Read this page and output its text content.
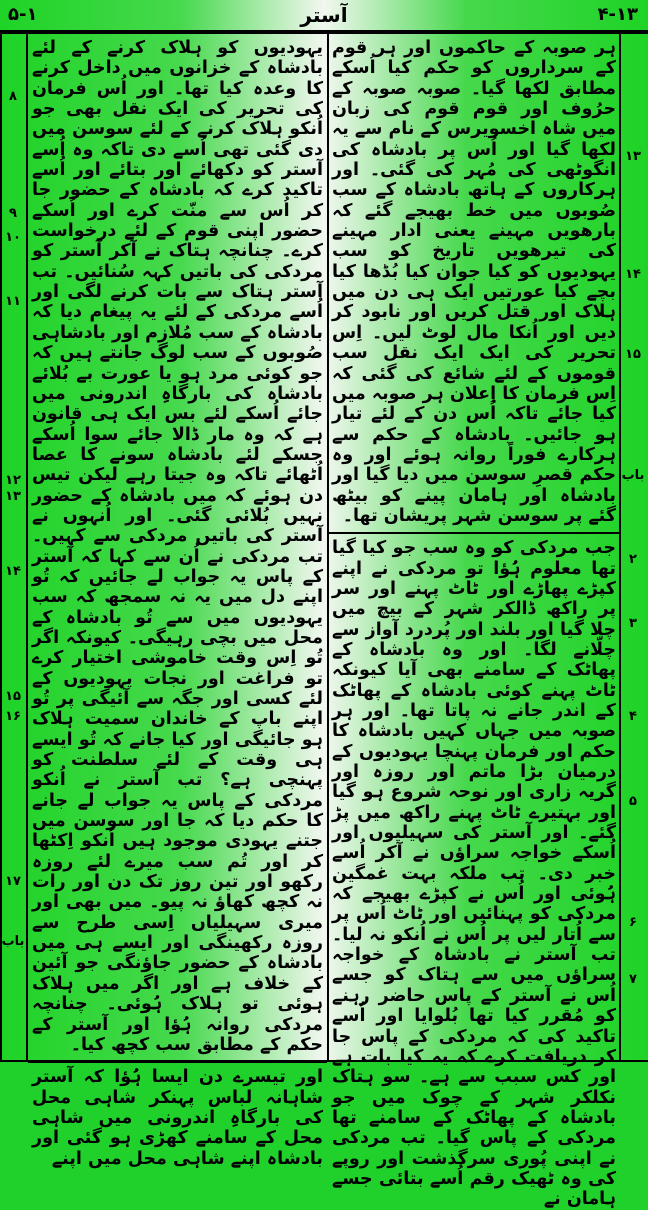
۵-۱	آستر	۴-۱۳
۸
۹
۱۰
۱۱
۱۲
۱۳
۱۴
۱۵
۱۶
۱۷
باب
۱۳
۱۴
۱۵
باب
۲
۳
۴
۵
۶
۷

ہر صوبہ کے حاکموں اور ہر قوم کے سرداروں کو حکم کیا اُسکے مطابق لکھا گیا۔ صوبہ صوبہ کے حرُوف اور قوم قوم کی زبان میں شاہ اخسویرس کے نام سے یہ لکھا گیا اور اُس پر بادشاہ کی انگوٹھی کی مُہر کی گئی۔ اور ہرکاروں کے ہاتھ بادشاہ کے سب صُوبوں میں خط بھیجے گئے کہ بارھویں مہینے یعنی ادار مہینے کی تیرھویں تاریخ کو سب یہودیوں کو کیا جوان کیا بُڈھا کیا بچے کیا عورتیں ایک ہی دن میں ہلاک اور قتل کریں اور نابود کر دیں اور اُنکا مال لوٹ لیں۔ اِس تحریر کی ایک ایک نقل سب قوموں کے لئے شائع کی گئی کہ اِس فرمان کا اِعلان ہر صوبہ میں کیا جائے تاکہ اُس دن کے لئے تیار ہو جائیں۔ بادشاہ کے حکم سے ہرکارے فوراً روانہ ہوئے اور وہ حکم قصرِ سوسن میں دیا گیا اور بادشاہ اور ہامان پینے کو بیٹھ گئے پر سوسن شہر پریشان تھا۔

جب مردکی کو وہ سب جو کیا گیا تھا معلوم ہُؤا تو مردکی نے اپنے کپڑے پھاڑے اور ٹاٹ پہنے اور سر پر راکھ ڈالکر شہر کے بیچ میں چلا گیا اور بلند اور پُردرد آواز سے چلّانے لگا۔ اور وہ بادشاہ کے پھاٹک کے سامنے بھی آیا کیونکہ ٹاٹ پہنے کوئی بادشاہ کے پھاٹک کے اندر جانے نہ پاتا تھا۔ اور ہر صوبہ میں جہاں کہیں بادشاہ کا حکم اور فرمان پہنچا یہودیوں کے درمیان بڑا ماتم اور روزہ اور گریہ زاری اور نوحہ شروع ہو گیا اور بہتیرے ٹاٹ پہنے راکھ میں پڑ گئے۔ اور آستر کی سہیلیوں اور اُسکے خواجہ سراؤں نے آکر اُسے خبر دی۔ تب ملکہ بہت غمگین ہُوئی اور اُس نے کپڑے بھیجے کہ مردکی کو پہنائیں اور ٹاٹ اُس پر سے اُتار لیں پر اُس نے اُنکو نہ لیا۔ تب آستر نے بادشاہ کے خواجہ سراؤں میں سے ہتاک کو جسے اُس نے آستر کے پاس حاضر رہنے کو مُقرر کیا تھا بُلوایا اور اُسے تاکید کی کہ مردکی کے پاس جا کر دریافت کرے کہ یہ کیا بات ہے اور کس سبب سے ہے۔ سو ہتاک نکلکر شہر کے چوک میں جو بادشاہ کے پھاٹک کے سامنے تھا مردکی کے پاس گیا۔ تب مردکی نے اپنی پُوری سرگذشت اور روپے کی وہ ٹھیک رقم اُسے بتائی جسے ہامان نے

یہودیوں کو ہلاک کرنے کے لئے بادشاہ کے خزانوں میں داخل کرنے کا وعدہ کیا تھا۔ اور اُس فرمان کی تحریر کی ایک نقل بھی جو اُنکو ہلاک کرنے کے لئے سوسن میں دی گئی تھی اُسے دی تاکہ وہ اُسے آستر کو دکھائے اور بتائے اور اُسے تاکید کرے کہ بادشاہ کے حضور جا کر اُس سے منّت کرے اور اُسکے حضور اپنی قوم کے لئے درخواست کرے۔ چنانچہ ہتاک نے آکر آستر کو مردکی کی باتیں کہہ سُنائیں۔ تب آستر ہتاک سے بات کرنے لگی اور اُسے مردکی کے لئے یہ پیغام دیا کہ بادشاہ کے سب مُلازم اور بادشاہی صُوبوں کے سب لوگ جانتے ہیں کہ جو کوئی مرد ہو یا عورت بے بُلائے بادشاہ کی بارگاہِ اندرونی میں جائے اُسکے لئے بس ایک ہی قانون ہے کہ وہ مار ڈالا جائے سوا اُسکے جسکے لئے بادشاہ سونے کا عصا اُٹھائے تاکہ وہ جیتا رہے لیکن تیس دن ہوئے کہ میں بادشاہ کے حضور نہیں بُلائی گئی۔ اور اُنہوں نے آستر کی باتیں مردکی سے کہیں۔ تب مردکی نے اُن سے کہا کہ آستر کے پاس یہ جواب لے جائیں کہ تُو اپنے دل میں یہ نہ سمجھ کہ سب یہودیوں میں سے تُو بادشاہ کے محل میں بچی رہیگی۔ کیونکہ اگر تُو اِس وقت خاموشی اختیار کرے تو فراغت اور نجات یہودیوں کے لئے کسی اور جگہ سے آئیگی پر تُو اپنے باپ کے خاندان سمیت ہلاک ہو جائیگی اور کیا جانے کہ تُو ایسے ہی وقت کے لئے سلطنت کو پہنچی ہے؟ تب آستر نے اُنکو مردکی کے پاس یہ جواب لے جانے کا حکم دیا کہ جا اور سوسن میں جتنے یہودی موجود ہیں اُنکو اِکٹھا کر اور تُم سب میرے لئے روزہ رکھو اور تین روز تک دن اور رات نہ کچھ کھاؤ نہ پیو۔ میں بھی اور میری سہیلیاں اِسی طرح سے روزہ رکھینگی اور ایسے ہی میں بادشاہ کے حضور جاؤنگی جو آئین کے خلاف ہے اور اگر میں ہلاک ہوئی تو ہلاک ہُوئی۔ چنانچہ مردکی روانہ ہُؤا اور آستر کے حکم کے مطابق سب کچھ کیا۔

اور تیسرے دن ایسا ہُؤا کہ آستر شاہانہ لباس پہنکر شاہی محل کی بارگاہِ اندرونی میں شاہی محل کے سامنے کھڑی ہو گئی اور بادشاہ اپنے شاہی محل میں اپنے
